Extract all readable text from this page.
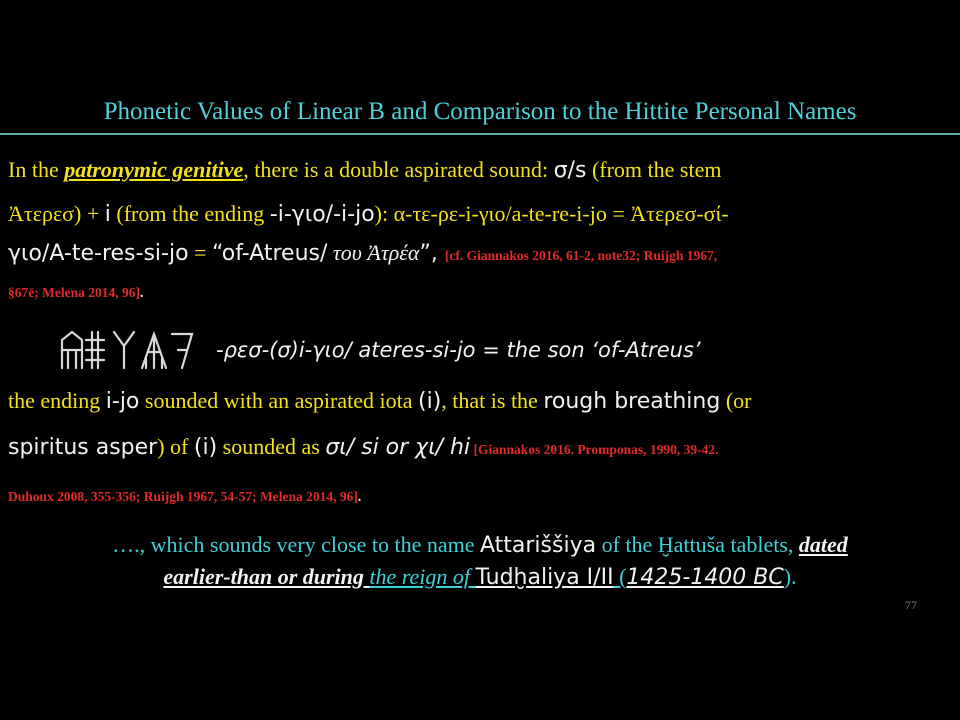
Phonetic Values of Linear B and Comparison to the Hittite Personal Names
In the patronymic genitive, there is a double aspirated sound: σ/s (from the stem
Ἀτερεσ) + i (from the ending -i-γιο/-i-jo): α-τε-ρε-i-γιο/a-te-re-i-jo = Ἀτερεσ-σί-
γιο/A-te-res-si-jo = “of-Atreus/ του Ἀτρέα”, [cf. Giannakos 2016, 61-2, note32; Ruijgh 1967,
§67ē; Melena 2014, 96].
-ρεσ-(σ)i-γιο/ ateres-si-jo = the son ‘of-Atreus’
the ending i-jo sounded with an aspirated iota (i), that is the rough breathing (or
spiritus asper) of (i) sounded as σι/ si or χι/ hi [Giannakos 2016. Promponas, 1990, 39-42.
Duhoux 2008, 355-356; Ruijgh 1967, 54-57; Melena 2014, 96].
…., which sounds very close to the name Attariššiya of the Ḫattuša tablets, dated
earlier-than or during the reign of Tudḫaliya I/II (1425-1400 BC).
77
